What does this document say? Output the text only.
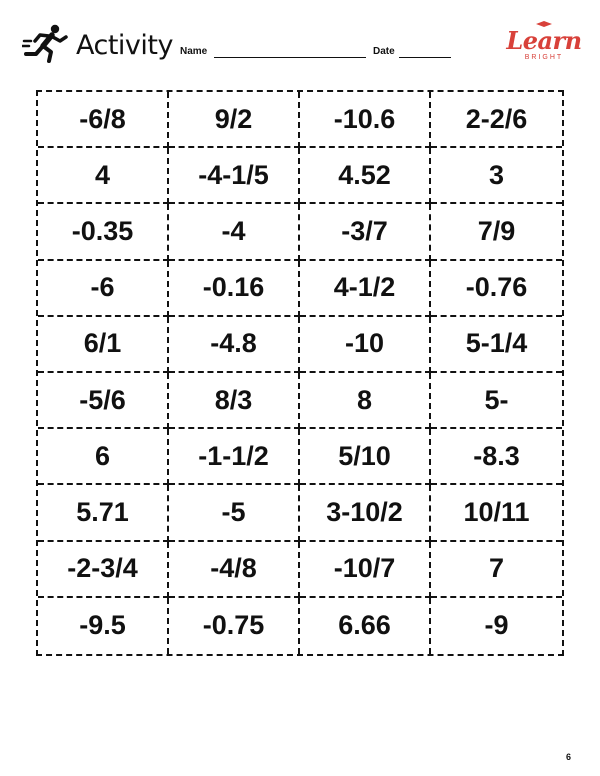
Activity Name	Date	Learn
BRIGHT
-6/8	9/2	-10.6	2-2/6
4	-4-1/5	4.52	3
-0.35	-4	-3/7	7/9
-6	-0.16	4-1/2	-0.76
6/1	-4.8	-10	5-1/4
-5/6	8/3	8	5-
6	-1-1/2	5/10	-8.3
5.71	-5	3-10/2	10/11
-2-3/4	-4/8	-10/7	7
-9.5	-0.75	6.66	-9
6
